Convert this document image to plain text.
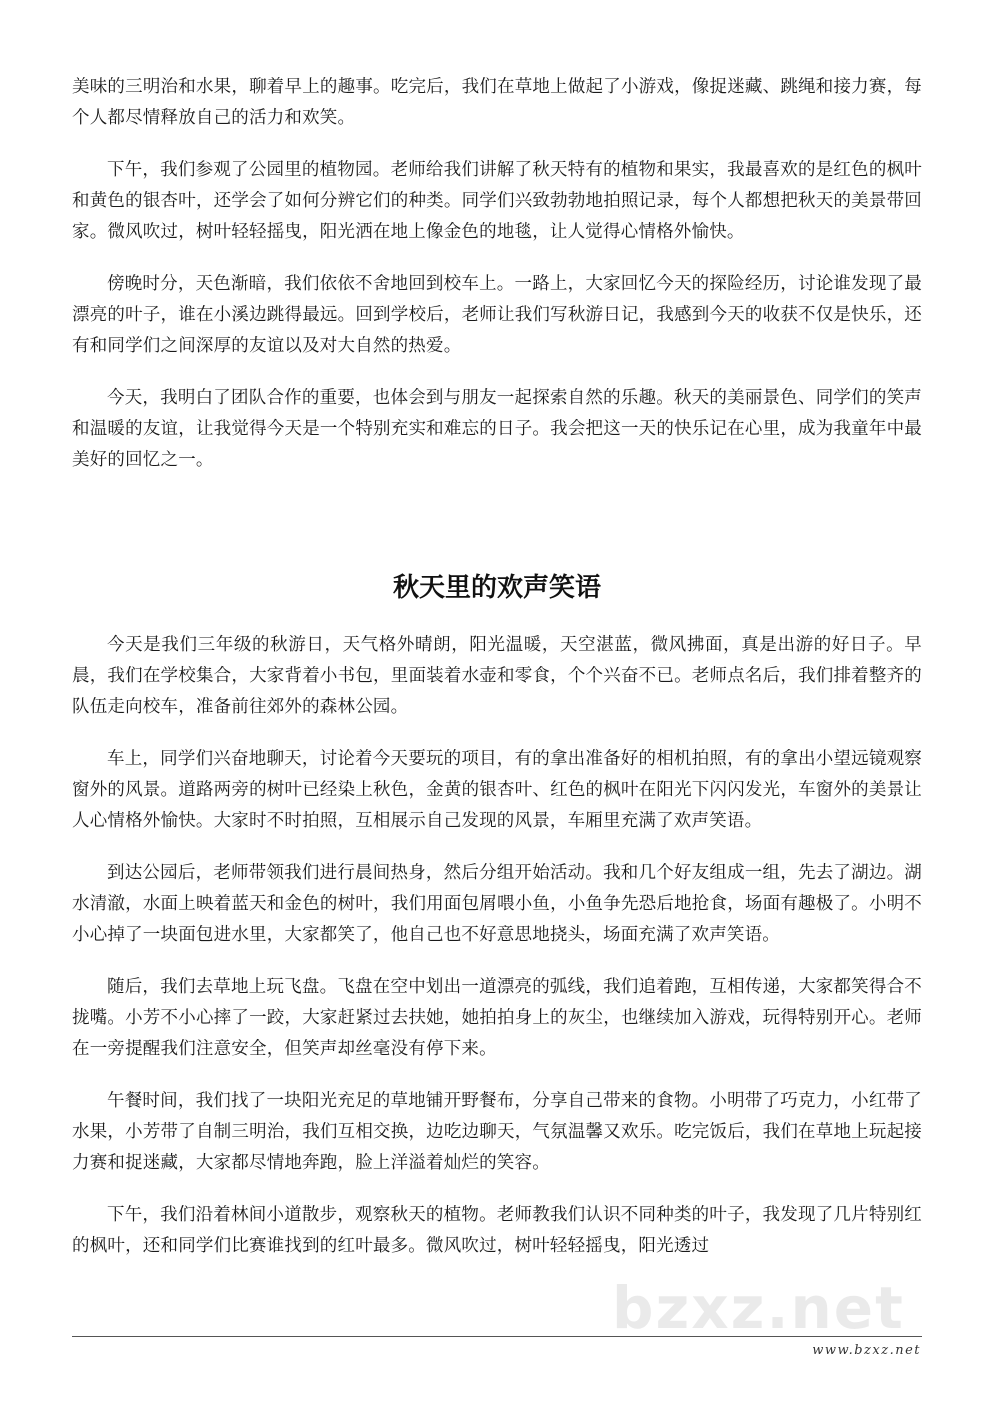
美味的三明治和水果，聊着早上的趣事。吃完后，我们在草地上做起了小游戏，像捉迷藏、跳绳和接力赛，每个人都尽情释放自己的活力和欢笑。

下午，我们参观了公园里的植物园。老师给我们讲解了秋天特有的植物和果实，我最喜欢的是红色的枫叶和黄色的银杏叶，还学会了如何分辨它们的种类。同学们兴致勃勃地拍照记录，每个人都想把秋天的美景带回家。微风吹过，树叶轻轻摇曳，阳光洒在地上像金色的地毯，让人觉得心情格外愉快。

傍晚时分，天色渐暗，我们依依不舍地回到校车上。一路上，大家回忆今天的探险经历，讨论谁发现了最漂亮的叶子，谁在小溪边跳得最远。回到学校后，老师让我们写秋游日记，我感到今天的收获不仅是快乐，还有和同学们之间深厚的友谊以及对大自然的热爱。

今天，我明白了团队合作的重要，也体会到与朋友一起探索自然的乐趣。秋天的美丽景色、同学们的笑声和温暖的友谊，让我觉得今天是一个特别充实和难忘的日子。我会把这一天的快乐记在心里，成为我童年中最美好的回忆之一。

秋天里的欢声笑语

今天是我们三年级的秋游日，天气格外晴朗，阳光温暖，天空湛蓝，微风拂面，真是出游的好日子。早晨，我们在学校集合，大家背着小书包，里面装着水壶和零食，个个兴奋不已。老师点名后，我们排着整齐的队伍走向校车，准备前往郊外的森林公园。

车上，同学们兴奋地聊天，讨论着今天要玩的项目，有的拿出准备好的相机拍照，有的拿出小望远镜观察窗外的风景。道路两旁的树叶已经染上秋色，金黄的银杏叶、红色的枫叶在阳光下闪闪发光，车窗外的美景让人心情格外愉快。大家时不时拍照，互相展示自己发现的风景，车厢里充满了欢声笑语。

到达公园后，老师带领我们进行晨间热身，然后分组开始活动。我和几个好友组成一组，先去了湖边。湖水清澈，水面上映着蓝天和金色的树叶，我们用面包屑喂小鱼，小鱼争先恐后地抢食，场面有趣极了。小明不小心掉了一块面包进水里，大家都笑了，他自己也不好意思地挠头，场面充满了欢声笑语。

随后，我们去草地上玩飞盘。飞盘在空中划出一道漂亮的弧线，我们追着跑，互相传递，大家都笑得合不拢嘴。小芳不小心摔了一跤，大家赶紧过去扶她，她拍拍身上的灰尘，也继续加入游戏，玩得特别开心。老师在一旁提醒我们注意安全，但笑声却丝毫没有停下来。

午餐时间，我们找了一块阳光充足的草地铺开野餐布，分享自己带来的食物。小明带了巧克力，小红带了水果，小芳带了自制三明治，我们互相交换，边吃边聊天，气氛温馨又欢乐。吃完饭后，我们在草地上玩起接力赛和捉迷藏，大家都尽情地奔跑，脸上洋溢着灿烂的笑容。

下午，我们沿着林间小道散步，观察秋天的植物。老师教我们认识不同种类的叶子，我发现了几片特别红的枫叶，还和同学们比赛谁找到的红叶最多。微风吹过，树叶轻轻摇曳，阳光透过

bzxz.net
www.bzxz.net
